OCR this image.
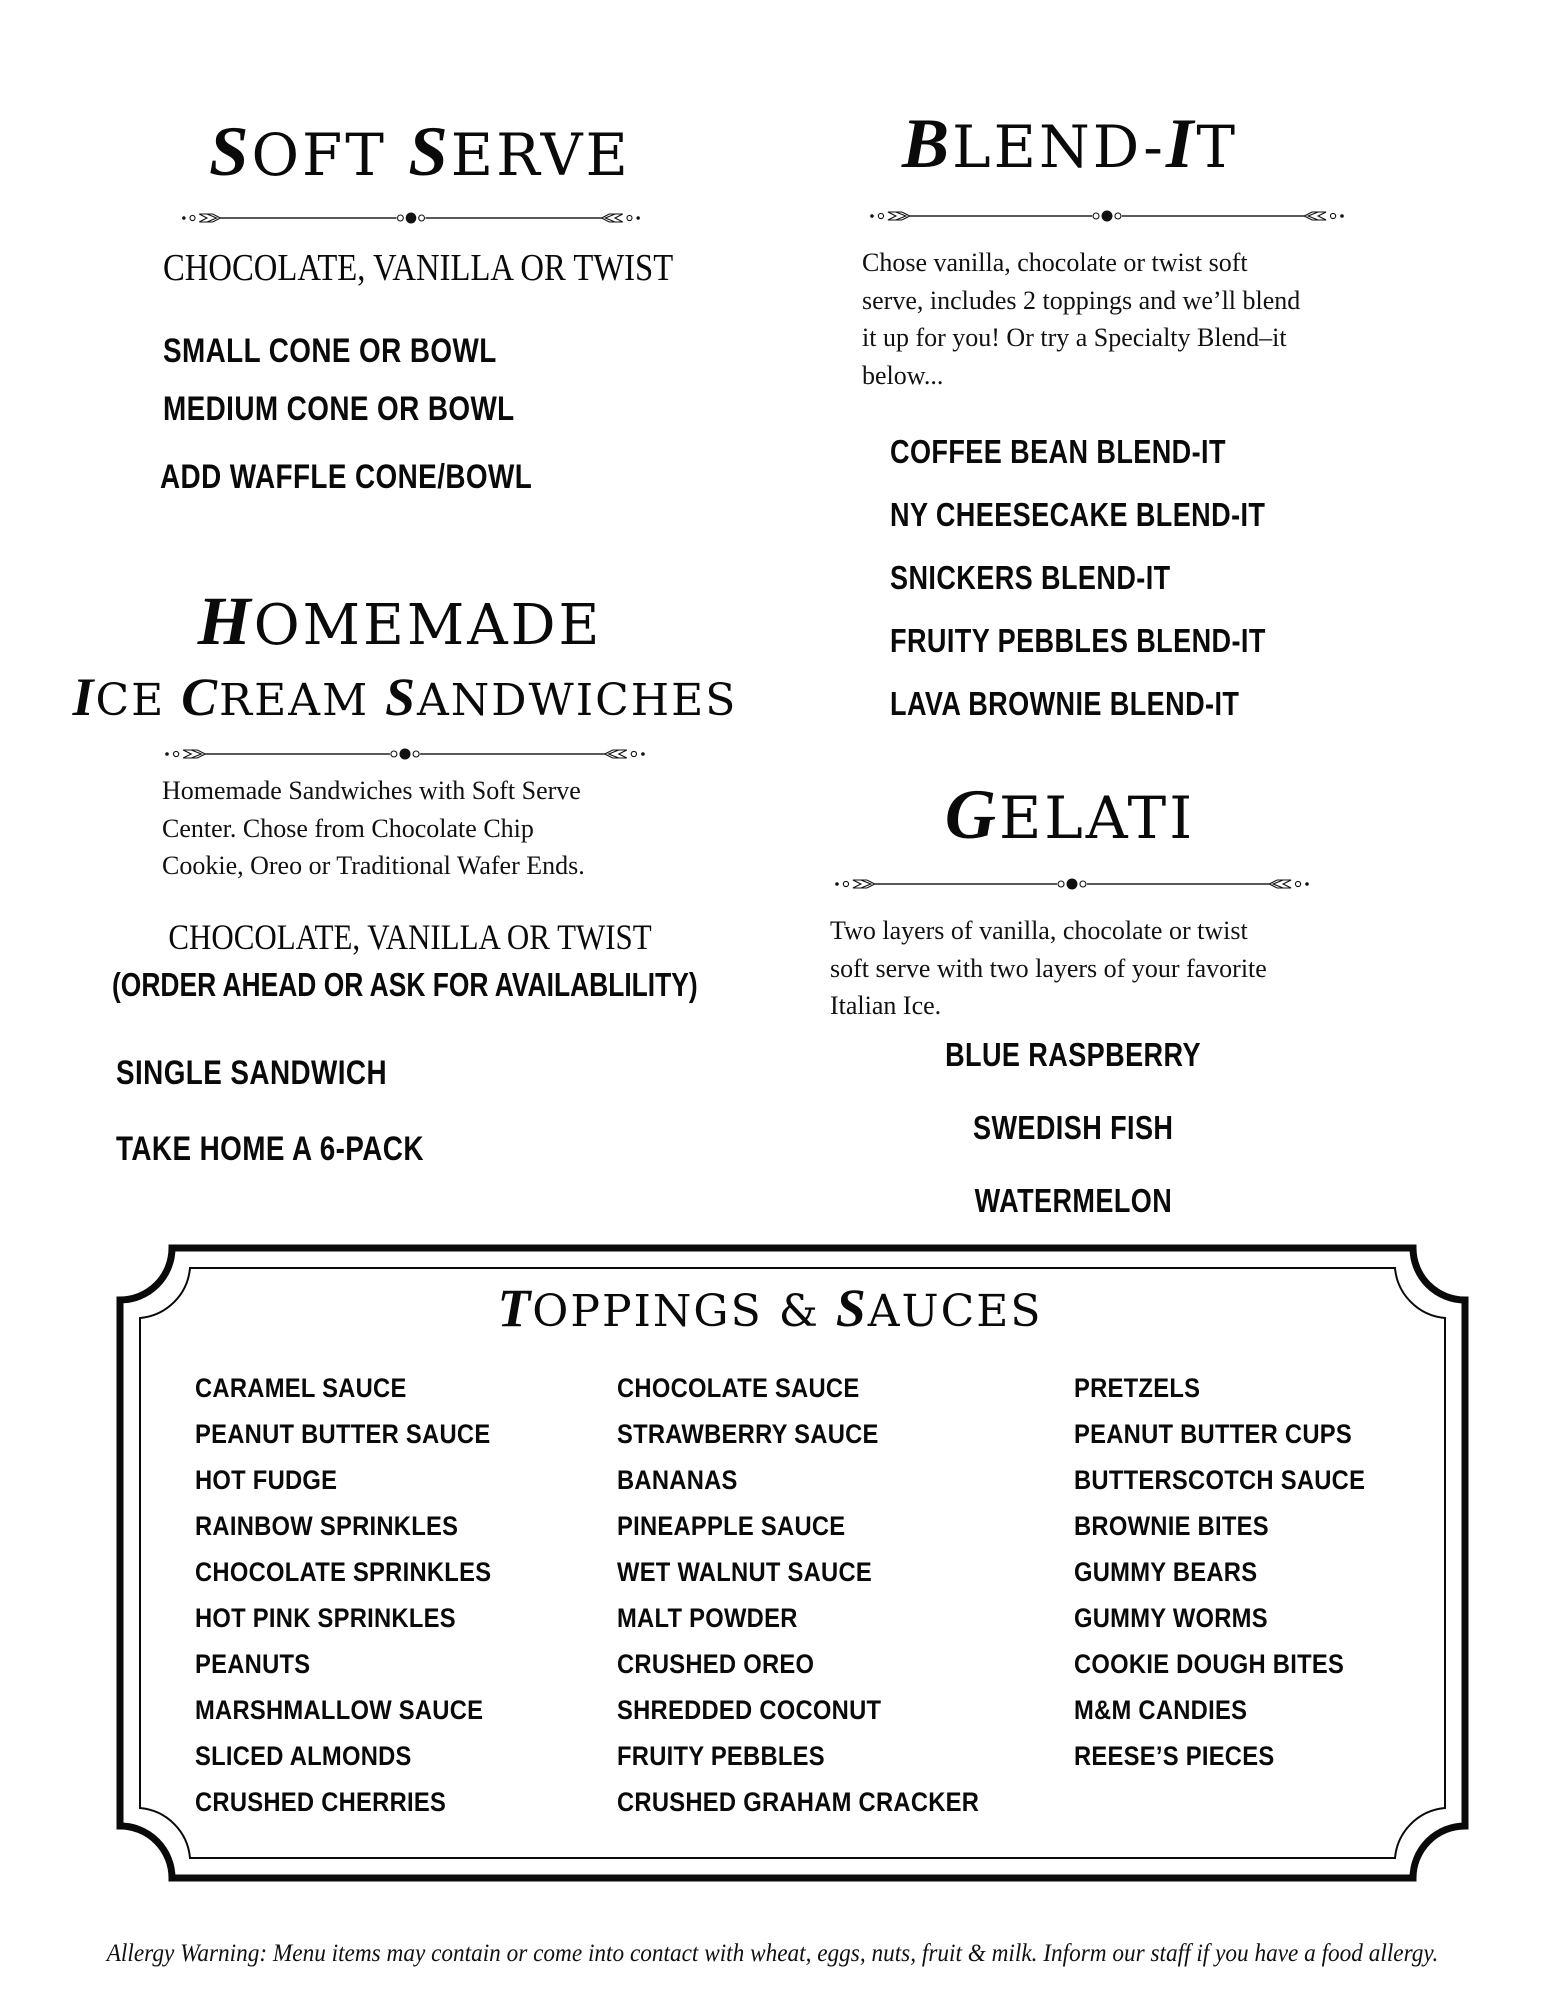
SOFT SERVE
CHOCOLATE, VANILLA OR TWIST
SMALL CONE OR BOWL
MEDIUM CONE OR BOWL
ADD WAFFLE CONE/BOWL
BLEND-IT
Chose vanilla, chocolate or twist soft
serve, includes 2 toppings and we’ll blend
it up for you! Or try a Specialty Blend–it
below...
COFFEE BEAN BLEND-IT
NY CHEESECAKE BLEND-IT
SNICKERS BLEND-IT
FRUITY PEBBLES BLEND-IT
LAVA BROWNIE BLEND-IT
HOMEMADE
ICE CREAM SANDWICHES
Homemade Sandwiches with Soft Serve
Center. Chose from Chocolate Chip
Cookie, Oreo or Traditional Wafer Ends.
CHOCOLATE, VANILLA OR TWIST
(ORDER AHEAD OR ASK FOR AVAILABLILITY)
SINGLE SANDWICH
TAKE HOME A 6-PACK
GELATI
Two layers of vanilla, chocolate or twist
soft serve with two layers of your favorite
Italian Ice.
BLUE RASPBERRY
SWEDISH FISH
WATERMELON
TOPPINGS & SAUCES
CARAMEL SAUCE
PEANUT BUTTER SAUCE
HOT FUDGE
RAINBOW SPRINKLES
CHOCOLATE SPRINKLES
HOT PINK SPRINKLES
PEANUTS
MARSHMALLOW SAUCE
SLICED ALMONDS
CRUSHED CHERRIES
CHOCOLATE SAUCE
STRAWBERRY SAUCE
BANANAS
PINEAPPLE SAUCE
WET WALNUT SAUCE
MALT POWDER
CRUSHED OREO
SHREDDED COCONUT
FRUITY PEBBLES
CRUSHED GRAHAM CRACKER
PRETZELS
PEANUT BUTTER CUPS
BUTTERSCOTCH SAUCE
BROWNIE BITES
GUMMY BEARS
GUMMY WORMS
COOKIE DOUGH BITES
M&M CANDIES
REESE’S PIECES
Allergy Warning: Menu items may contain or come into contact with wheat, eggs, nuts, fruit & milk. Inform our staff if you have a food allergy.
